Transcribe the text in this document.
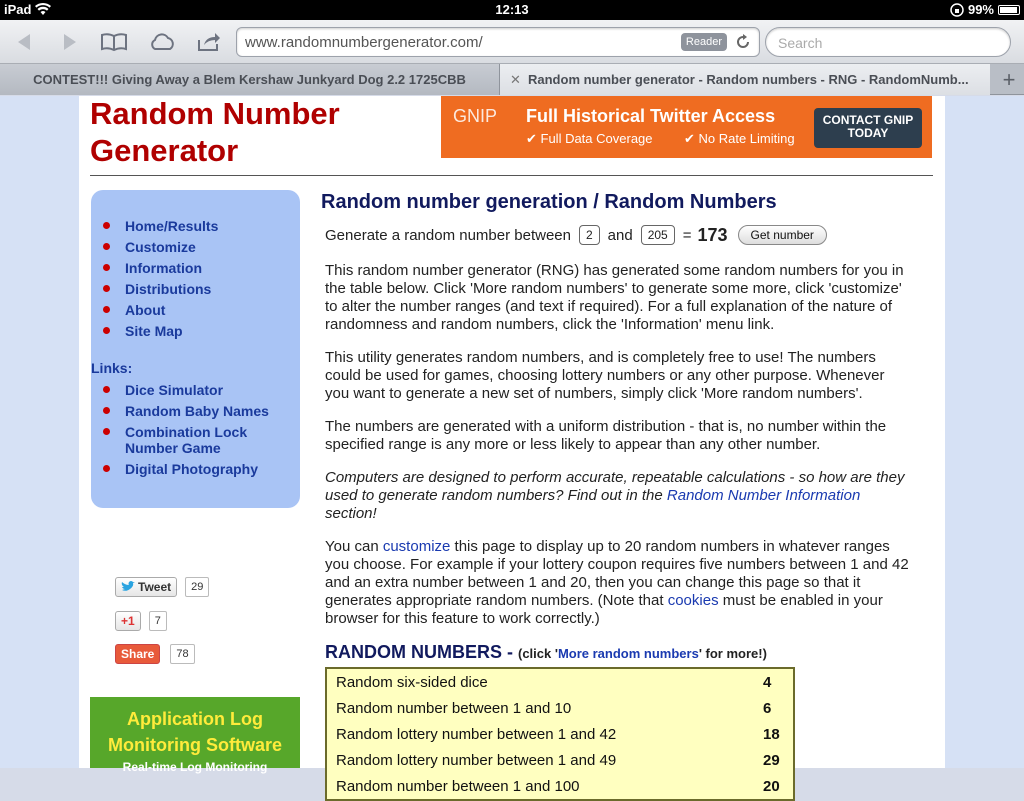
iPad	12:13	99%
www.randomnumbergenerator.com/	Reader	Search
CONTEST!!! Giving Away a Blem Kershaw Junkyard Dog 2.2 1725CBB	✕ Random number generator - Random numbers - RNG - RandomNumb...	+
Random Number Generator
GNIP Full Historical Twitter Access
✔ Full Data Coverage ✔ No Rate Limiting
CONTACT GNIP TODAY
Home/Results
Customize
Information
Distributions
About
Site Map
Links:
Dice Simulator
Random Baby Names
Combination Lock Number Game
Digital Photography
Tweet	29
+1	7
Share	78
Application Log Monitoring Software
Real-time Log Monitoring
Random number generation / Random Numbers
Generate a random number between	2	and	205	= 173	Get number

This random number generator (RNG) has generated some random numbers for you in the table below. Click 'More random numbers' to generate some more, click 'customize' to alter the number ranges (and text if required). For a full explanation of the nature of randomness and random numbers, click the 'Information' menu link.

This utility generates random numbers, and is completely free to use! The numbers could be used for games, choosing lottery numbers or any other purpose. Whenever you want to generate a new set of numbers, simply click 'More random numbers'.

The numbers are generated with a uniform distribution - that is, no number within the specified range is any more or less likely to appear than any other number.

Computers are designed to perform accurate, repeatable calculations - so how are they used to generate random numbers? Find out in the Random Number Information section!

You can customize this page to display up to 20 random numbers in whatever ranges you choose. For example if your lottery coupon requires five numbers between 1 and 42 and an extra number between 1 and 20, then you can change this page so that it generates appropriate random numbers. (Note that cookies must be enabled in your browser for this feature to work correctly.)

RANDOM NUMBERS - (click 'More random numbers' for more!)
Random six-sided dice	4
Random number between 1 and 10	6
Random lottery number between 1 and 42	18
Random lottery number between 1 and 49	29
Random number between 1 and 100	20
